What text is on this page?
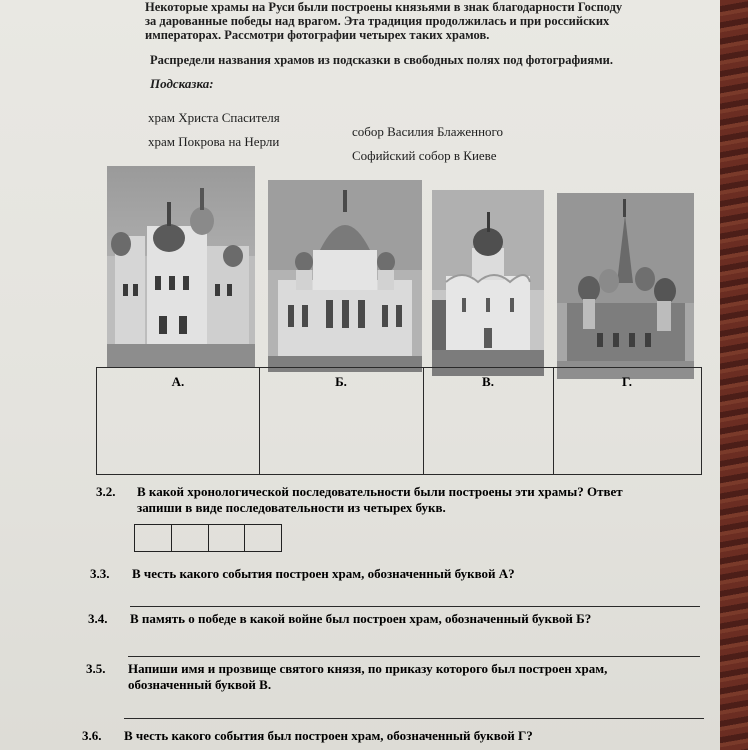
Некоторые храмы на Руси были построены князьями в знак благодарности Господу
за дарованные победы над врагом. Эта традиция продолжилась и при российских
императорах. Рассмотри фотографии четырех таких храмов.
Распредели названия храмов из подсказки в свободных полях под фотографиями.
Подсказка:
храм Христа Спасителя
храм Покрова на Нерли
собор Василия Блаженного
Софийский собор в Киеве
А.	Б.	В.	Г.
3.2. В какой хронологической последовательности были построены эти храмы? Ответ
запиши в виде последовательности из четырех букв.
3.3. В честь какого события построен храм, обозначенный буквой А?
3.4. В память о победе в какой войне был построен храм, обозначенный буквой Б?
3.5. Напиши имя и прозвище святого князя, по приказу которого был построен храм,
обозначенный буквой В.
3.6. В честь какого события был построен храм, обозначенный буквой Г?
